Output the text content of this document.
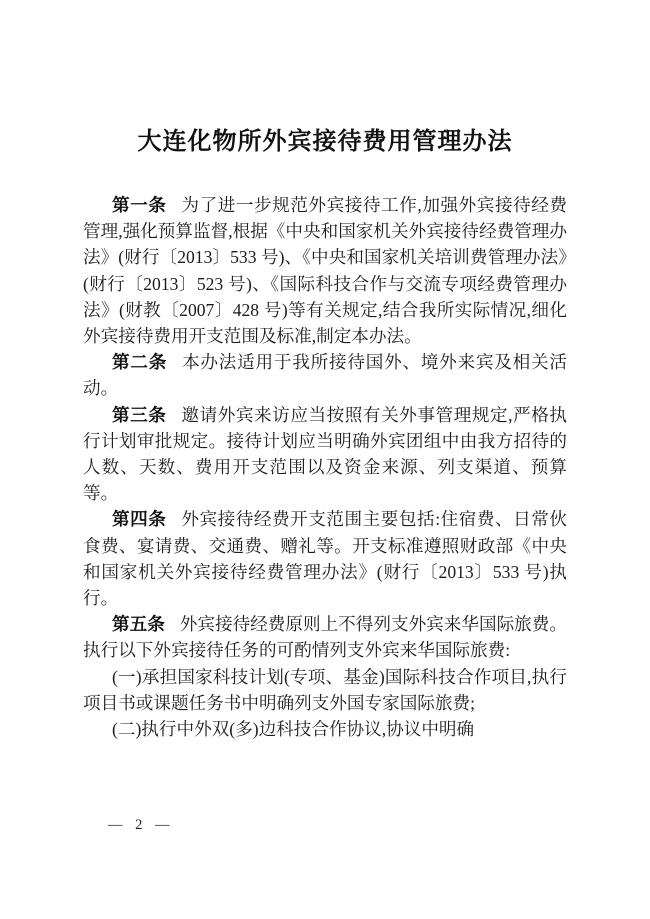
大连化物所外宾接待费用管理办法

第一条 为了进一步规范外宾接待工作,加强外宾接待经费管理,强化预算监督,根据《中央和国家机关外宾接待经费管理办法》(财行〔2013〕533 号)、《中央和国家机关培训费管理办法》(财行〔2013〕523 号)、《国际科技合作与交流专项经费管理办法》(财教〔2007〕428 号)等有关规定,结合我所实际情况,细化外宾接待费用开支范围及标准,制定本办法。

第二条 本办法适用于我所接待国外、境外来宾及相关活动。

第三条 邀请外宾来访应当按照有关外事管理规定,严格执行计划审批规定。接待计划应当明确外宾团组中由我方招待的人数、天数、费用开支范围以及资金来源、列支渠道、预算等。

第四条 外宾接待经费开支范围主要包括:住宿费、日常伙食费、宴请费、交通费、赠礼等。开支标准遵照财政部《中央和国家机关外宾接待经费管理办法》(财行〔2013〕533 号)执行。

第五条 外宾接待经费原则上不得列支外宾来华国际旅费。执行以下外宾接待任务的可酌情列支外宾来华国际旅费:

(一)承担国家科技计划(专项、基金)国际科技合作项目,执行项目书或课题任务书中明确列支外国专家国际旅费;

(二)执行中外双(多)边科技合作协议,协议中明确

— 2 —
